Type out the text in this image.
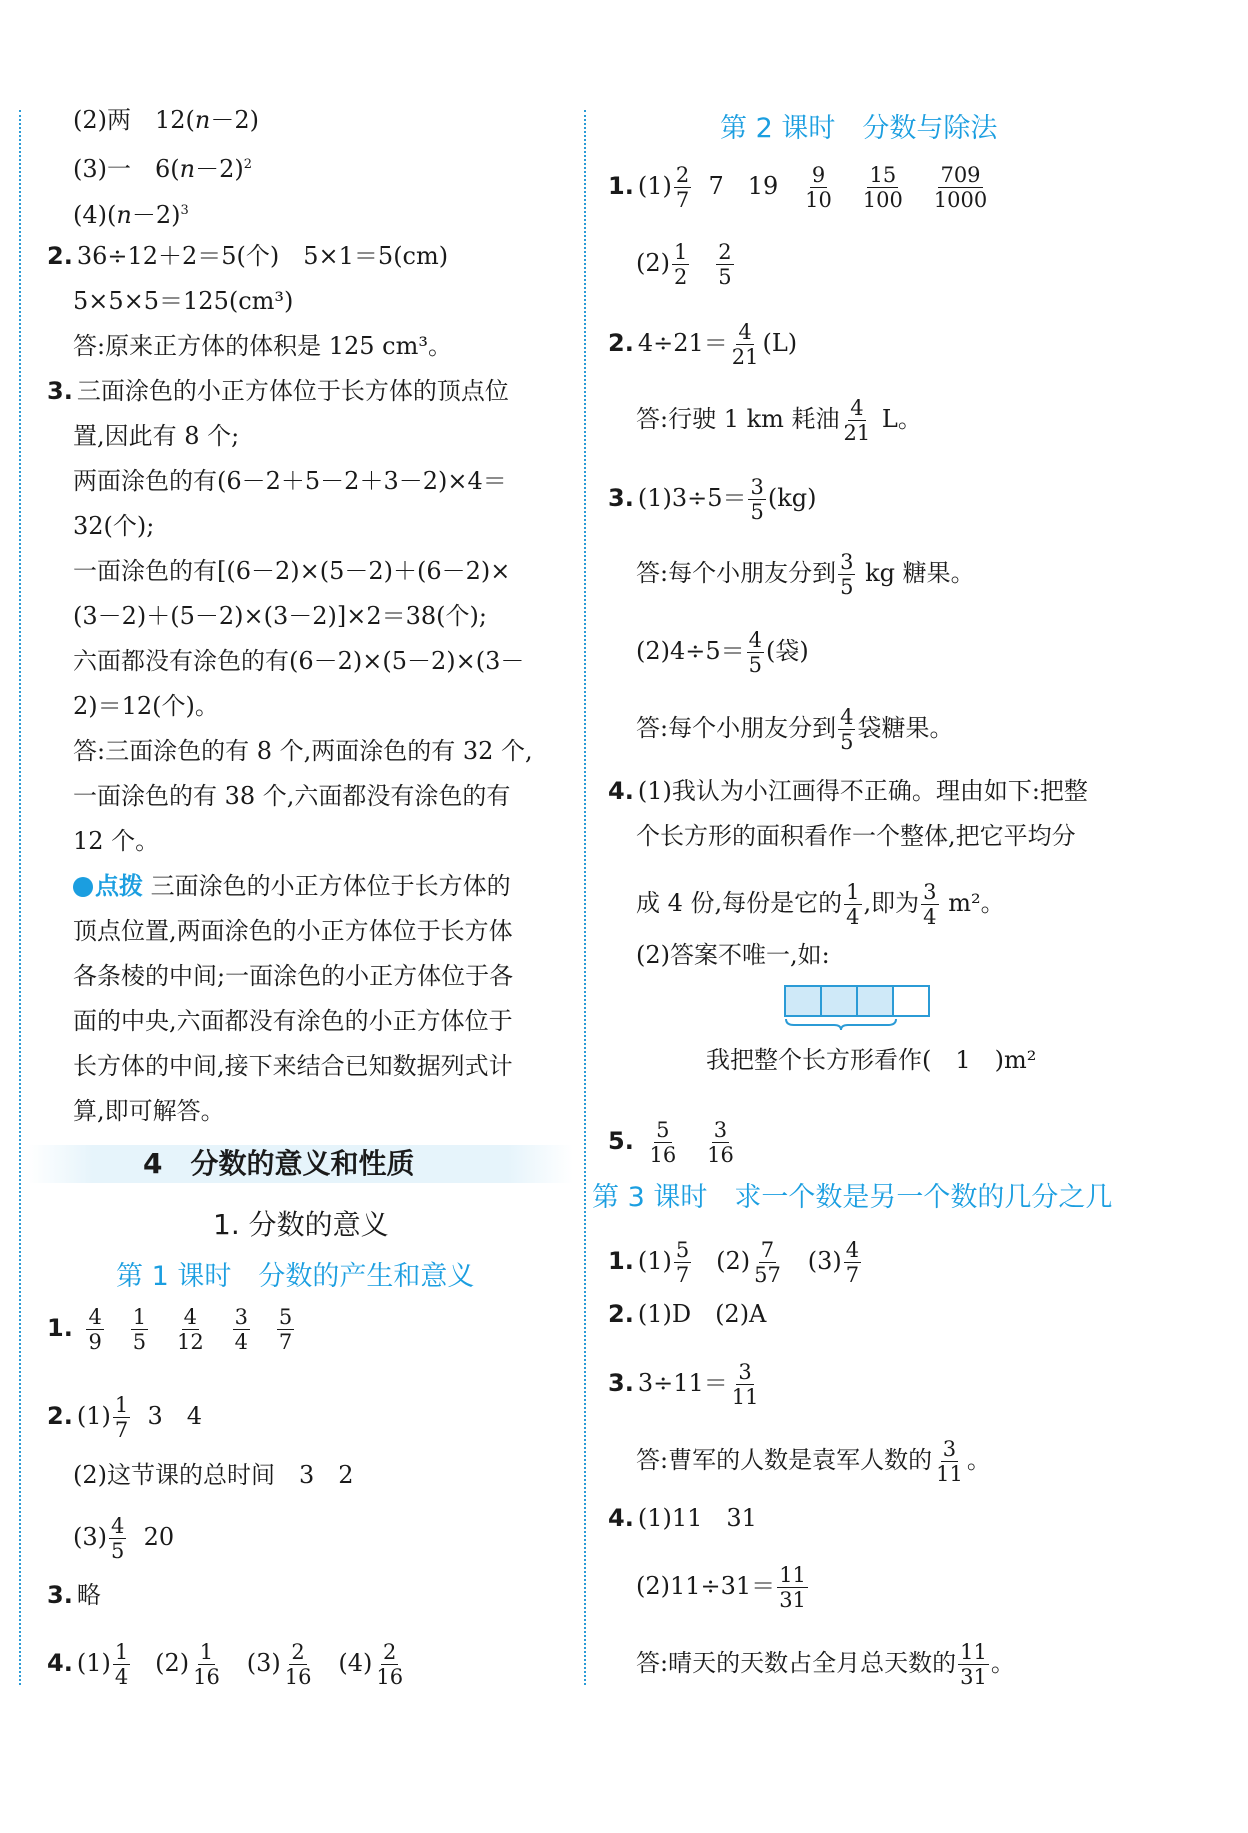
(2)两　12(n－2)
(3)一　$6(n-2)^2$
$(4)(n-2)^3$
2. 36÷12＋2＝5(个)　5×1＝5(cm)
5×5×5＝125(cm³)
答:原来正方体的体积是 125 cm³。
3. 三面涂色的小正方体位于长方体的顶点位
置,因此有 8 个;
两面涂色的有(6－2＋5－2＋3－2)×4＝
32(个);
一面涂色的有[(6－2)×(5－2)＋(6－2)×
(3－2)＋(5－2)×(3－2)]×2＝38(个);
六面都没有涂色的有(6－2)×(5－2)×(3－
2)＝12(个)。
答:三面涂色的有 8 个,两面涂色的有 32 个,
一面涂色的有 38 个,六面都没有涂色的有
12 个。
点拨 三面涂色的小正方体位于长方体的
顶点位置,两面涂色的小正方体位于长方体
各条棱的中间;一面涂色的小正方体位于各
面的中央,六面都没有涂色的小正方体位于
长方体的中间,接下来结合已知数据列式计
算,即可解答。
4　分数的意义和性质
1. 分数的意义
第 1 课时　分数的产生和意义
1. $\frac{4}{9}$
$\frac{1}{5}$
$\frac{4}{12}$
$\frac{3}{4}$
$\frac{5}{7}$
2. $(1) \frac{1}{7} 3$　4
(2)这节课的总时间　3　2
$(3) \frac{4}{5} 20$
3. 略
4. $(1) \frac{1}{4} (2) \frac{1}{16} (3) \frac{2}{16} (4) \frac{2}{16}$
第 2 课时　分数与除法
1. $(1) \frac{2}{7} 7$　$19 \frac{9}{10}$
$\frac{15}{100}$
$\frac{709}{1000}$
$(2) \frac{1}{2}$
$\frac{2}{5}$
2. $4\div 21= \frac{4}{21} (L)$
答:行驶 1 km 耗油 $\frac{4}{21}$ L。
3. $(1)3\div 5= \frac{3}{5} (kg)$
答:每个小朋友分到 $\frac{3}{5}$ kg 糖果。
$(2)4\div 5= \frac{4}{5}$ (袋)
答:每个小朋友分到 $\frac{4}{5}$ 袋糖果。
4. (1)我认为小江画得不正确。理由如下:把整
个长方形的面积看作一个整体,把它平均分
成 4 份,每份是它的 $\frac{1}{4}$ ,即为 $\frac{3}{4} m^2$。
(2)答案不唯一,如:
我把整个长方形看作(　1　)m²
5. $\frac{5}{16}$
$\frac{3}{16}$
第 3 课时　求一个数是另一个数的几分之几
1. $(1) \frac{5}{7} (2) \frac{7}{57} (3) \frac{4}{7}$
2. (1)D　(2)A
3. $3\div 11= \frac{3}{11}$
答:曹军的人数是袁军人数的 $\frac{3}{11}$ 。
4. (1)11　31
$(2)11\div 31= \frac{11}{31}$
答:晴天的天数占全月总天数的 $\frac{11}{31}$ 。
